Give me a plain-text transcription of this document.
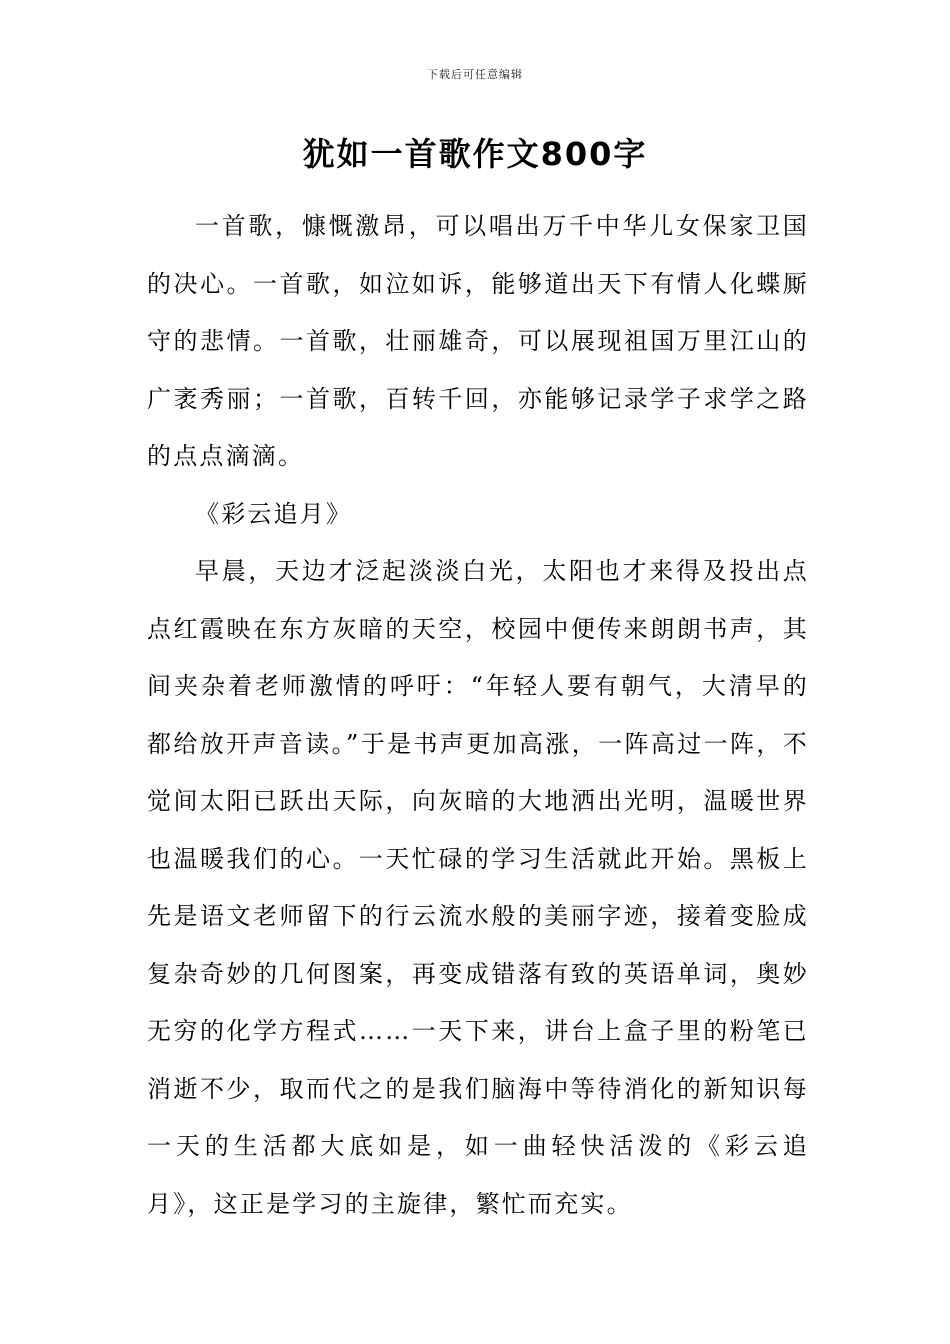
下载后可任意编辑
犹如一首歌作文800字

一首歌，慷慨激昂，可以唱出万千中华儿女保家卫国的决心。一首歌，如泣如诉，能够道出天下有情人化蝶厮守的悲情。一首歌，壮丽雄奇，可以展现祖国万里江山的广袤秀丽；一首歌，百转千回，亦能够记录学子求学之路的点点滴滴。

《彩云追月》

早晨，天边才泛起淡淡白光，太阳也才来得及投出点点红霞映在东方灰暗的天空，校园中便传来朗朗书声，其间夹杂着老师激情的呼吁：“年轻人要有朝气，大清早的都给放开声音读。”于是书声更加高涨，一阵高过一阵，不觉间太阳已跃出天际，向灰暗的大地洒出光明，温暖世界也温暖我们的心。一天忙碌的学习生活就此开始。黑板上先是语文老师留下的行云流水般的美丽字迹，接着变脸成复杂奇妙的几何图案，再变成错落有致的英语单词，奥妙无穷的化学方程式……一天下来，讲台上盒子里的粉笔已消逝不少，取而代之的是我们脑海中等待消化的新知识每一天的生活都大底如是，如一曲轻快活泼的《彩云追月》，这正是学习的主旋律，繁忙而充实。
